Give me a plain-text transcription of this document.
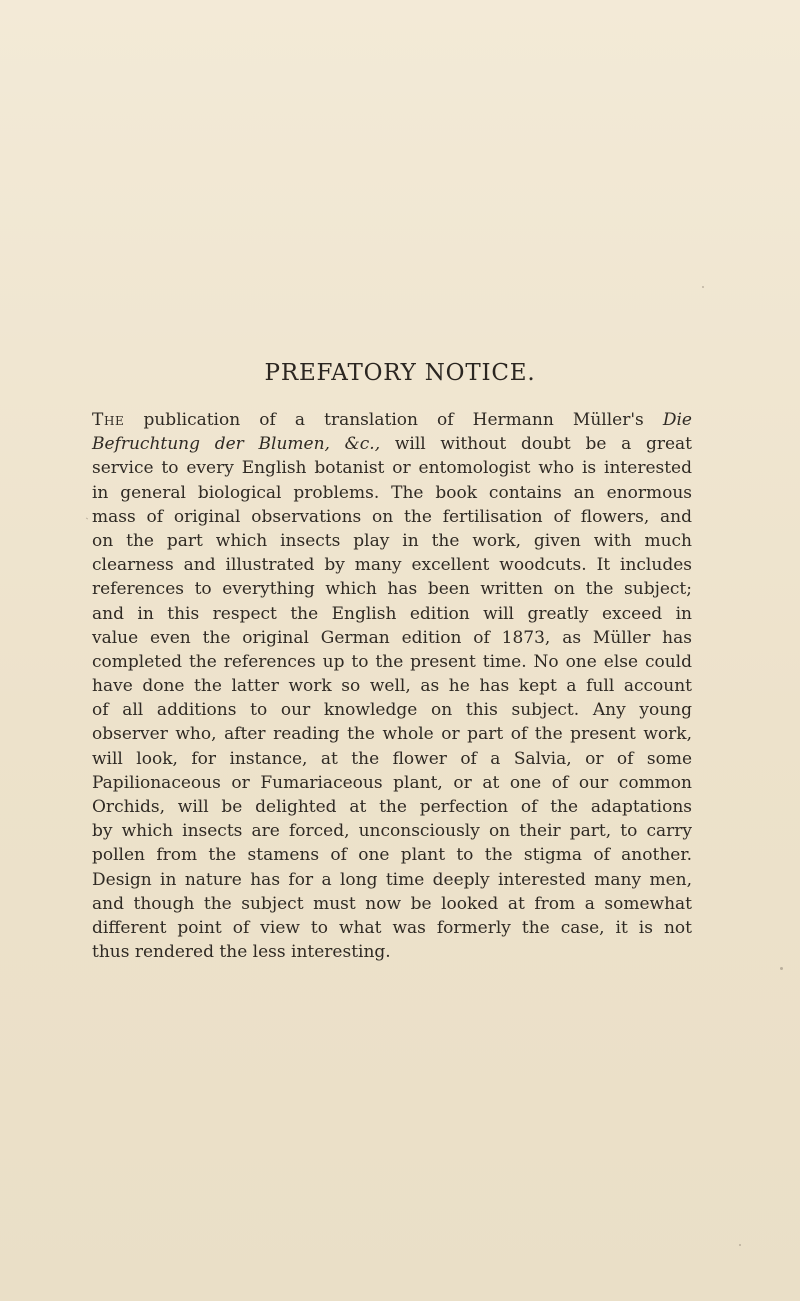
PREFATORY NOTICE.
The publication of a translation of Hermann Müller's Die
Befruchtung der Blumen, &c., will without doubt be a great
service to every English botanist or entomologist who is interested
in general biological problems. The book contains an enormous
mass of original observations on the fertilisation of flowers, and
on the part which insects play in the work, given with much
clearness and illustrated by many excellent woodcuts. It includes
references to everything which has been written on the subject;
and in this respect the English edition will greatly exceed in
value even the original German edition of 1873, as Müller has
completed the references up to the present time. No one else could
have done the latter work so well, as he has kept a full account
of all additions to our knowledge on this subject. Any young
observer who, after reading the whole or part of the present work,
will look, for instance, at the flower of a Salvia, or of some
Papilionaceous or Fumariaceous plant, or at one of our common
Orchids, will be delighted at the perfection of the adaptations
by which insects are forced, unconsciously on their part, to carry
pollen from the stamens of one plant to the stigma of another.
Design in nature has for a long time deeply interested many men,
and though the subject must now be looked at from a somewhat
different point of view to what was formerly the case, it is not
thus rendered the less interesting.
